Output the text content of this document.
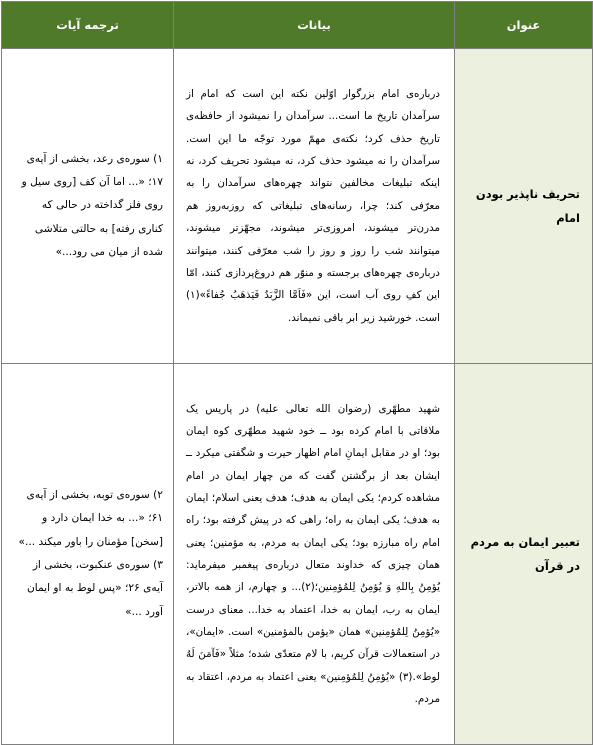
عنوان	بیانات	ترجمه آیات
تحریف ناپذیر بودن امام	درباره‌ی امام بزرگوار اوّلین نکته این است که امام از سرآمدان تاریخ ما است... سرآمدان را نمیشود از حافظه‌ی تاریخ حذف کرد؛ نکته‌ی مهمّ مورد توجّه ما این است. سرآمدان را نه میشود حذف کرد، نه میشود تحریف کرد، نه اینکه تبلیغات مخالفین نتواند چهره‌های سرآمدان را به معرّفی کند؛ چرا، رسانه‌های تبلیغاتی که روزبه‌روز هم مدرن‌تر میشوند، امروزی‌تر میشوند، مجهّزتر میشوند، میتوانند شب را روز و روز را شب معرّفی کنند، میتوانند درباره‌ی چهره‌های برجسته و منوّر هم دروغ‌پردازی کنند، امّا این کفِ روی آب است، این «فَاَمَّا الزَّبَدُ فَیَذهَبُ جُفاءً»(۱) است. خورشید زیر ابر باقی نمیماند.	۱) سوره‌ی رعد، بخشی از آیه‌ی ۱۷؛ «... اما آن کف [روی سیل و روی فلز گداخته در حالی که کناری رفته] به حالتی متلاشی شده از میان می رود...»

تعبیر ایمان به مردم در قرآن	شهید مطهّری (رضوان الله تعالی علیه) در پاریس یک ملاقاتی با امام کرده بود ــ خود شهید مطهّری کوه ایمان بود؛ او در مقابل ایمانِ امام اظهار حیرت و شگفتی میکرد ــ ایشان بعد از برگشتن گفت که من چهار ایمان در امام مشاهده کردم؛ یکی ایمان به هدف؛ هدف یعنی اسلام؛ ایمان به هدف؛ یکی ایمان به راه؛ راهی که در پیش گرفته بود؛ راه امام راه مبارزه بود؛ یکی ایمان به مردم، به مؤمنین؛ یعنی همان چیزی که خداوند متعال درباره‌ی پیغمبر میفرماید: یُؤمِنُ بِاللهِ وَ یُؤمِنُ لِلمُؤمِنین؛(۲)... و چهارم، از همه بالاتر، ایمان به رب، ایمان به خدا، اعتماد به خدا... معنای درست «یُؤمِنُ لِلمُؤمِنین» همان «یؤمن بالمؤمنین» است. «ایمان»، در استعمالات قرآن کریم، با لام متعدّی شده؛ مثلاً «فَآمَنَ لَهُ لوط».(۳) «یُؤمِنُ لِلمُؤمِنین» یعنی اعتماد به مردم، اعتقاد به مردم.	۲) سوره‌ی توبه، بخشی از آیه‌ی ۶۱؛ «... به خدا ایمان دارد و [سخن] مؤمنان را باور میکند ...»
۳) سوره‌ی عنکبوت، بخشی از آیه‌ی ۲۶؛ «پس لوط به او ایمان آورد ...»
